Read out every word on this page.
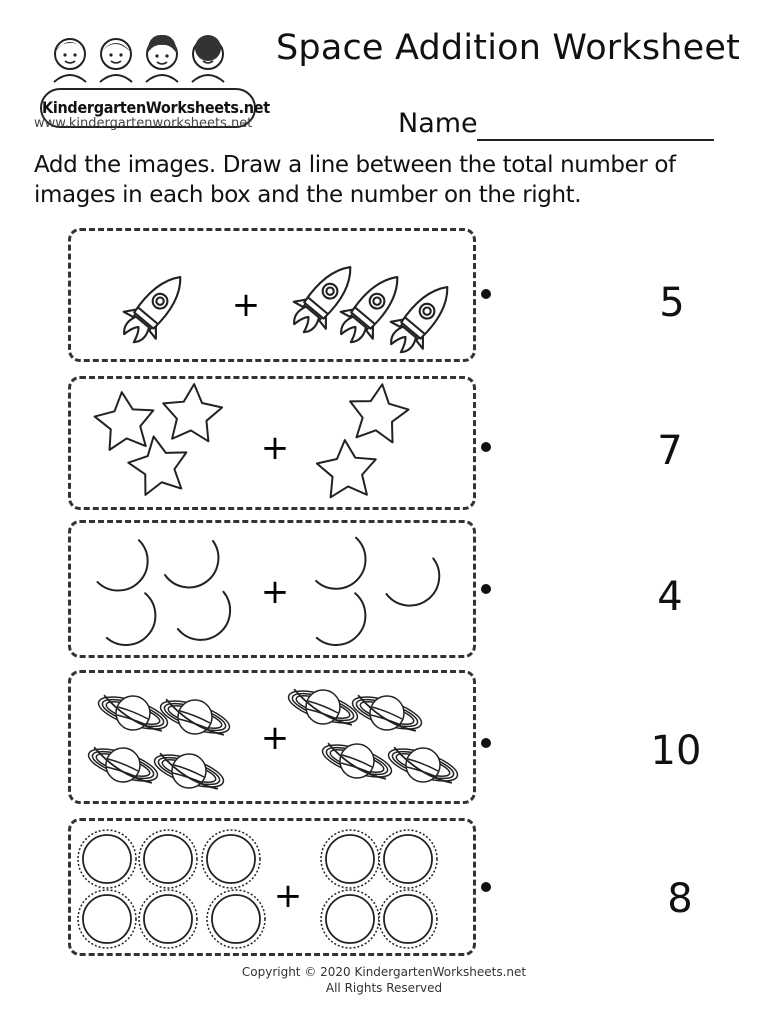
KindergartenWorksheets.net
www.kindergartenworksheets.net
Space Addition Worksheet
Name
Add the images. Draw a line between the total number of images in each box and the number on the right.
+	5
+	7
+	4
+	10
+	8
Copyright © 2020 KindergartenWorksheets.net
All Rights Reserved
